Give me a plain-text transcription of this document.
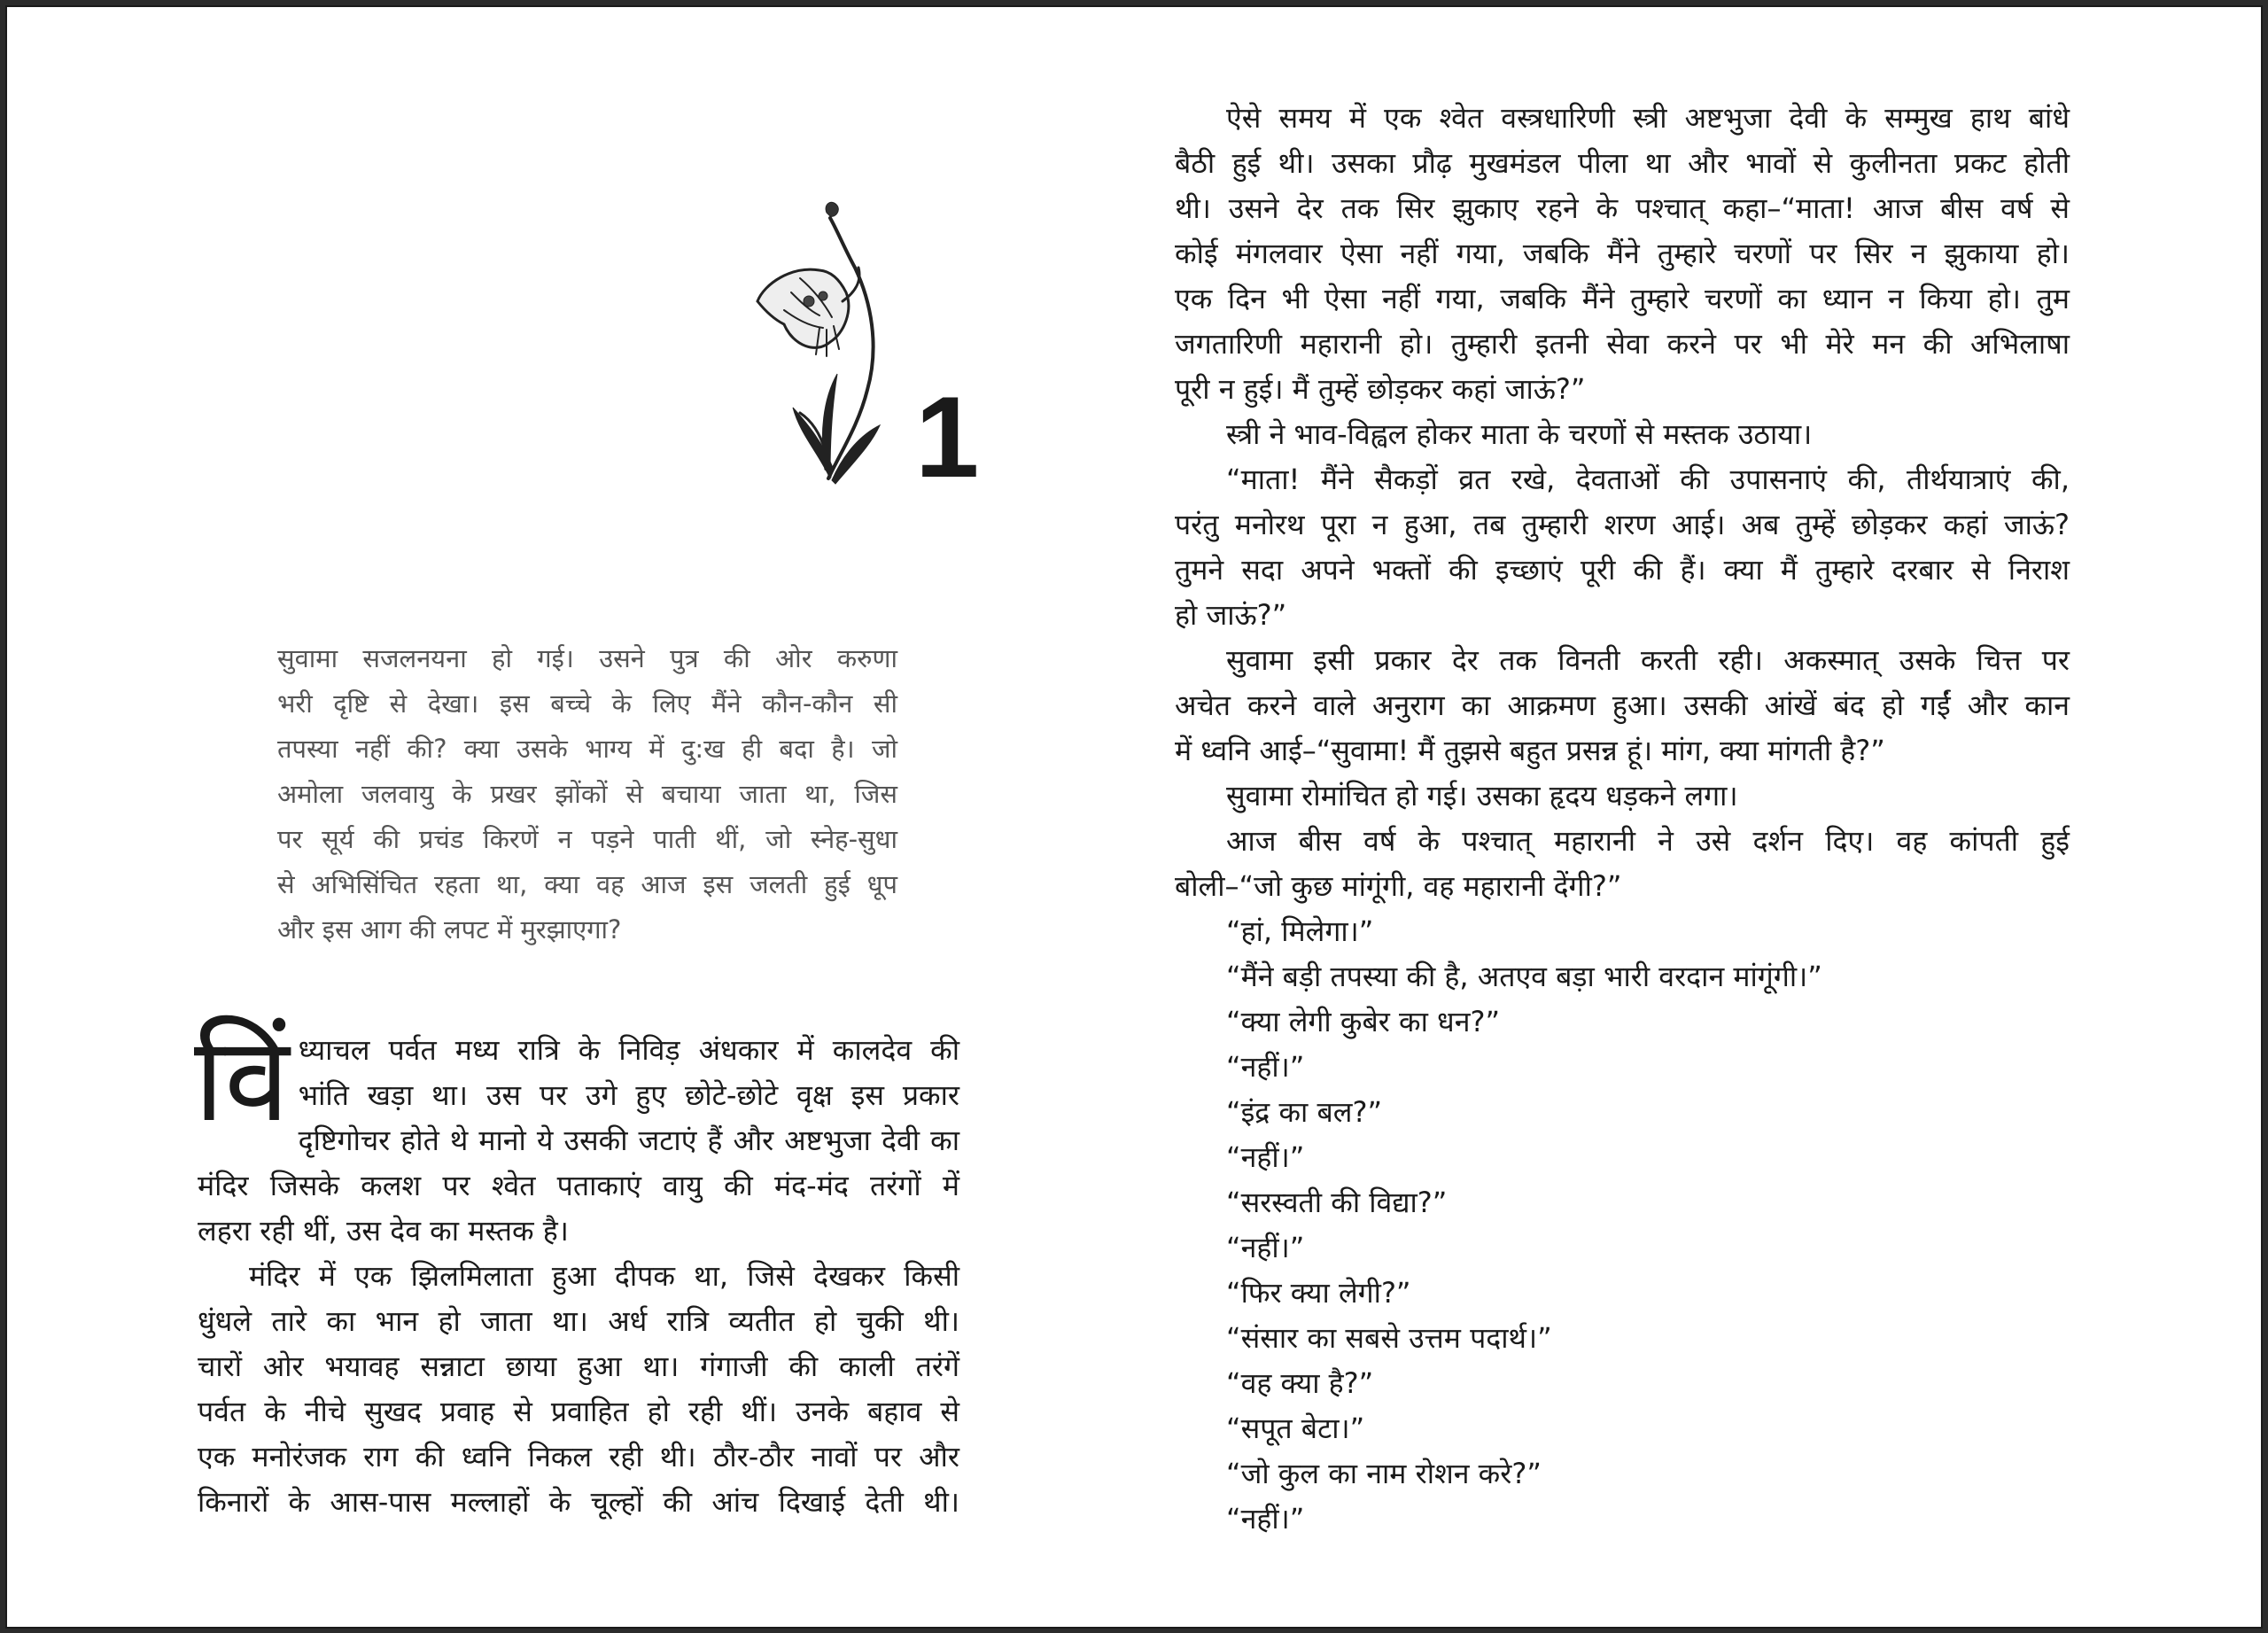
1
सुवामा सजलनयना हो गई। उसने पुत्र की ओर करुणा
भरी दृष्टि से देखा। इस बच्चे के लिए मैंने कौन-कौन सी
तपस्या नहीं की? क्या उसके भाग्य में दु:ख ही बदा है। जो
अमोला जलवायु के प्रखर झोंकों से बचाया जाता था, जिस
पर सूर्य की प्रचंड किरणें न पड़ने पाती थीं, जो स्नेह-सुधा
से अभिसिंचित रहता था, क्या वह आज इस जलती हुई धूप
और इस आग की लपट में मुरझाएगा?
विं ध्याचल पर्वत मध्य रात्रि के निविड़ अंधकार में कालदेव की
भांति खड़ा था। उस पर उगे हुए छोटे-छोटे वृक्ष इस प्रकार
दृष्टिगोचर होते थे मानो ये उसकी जटाएं हैं और अष्टभुजा देवी का
मंदिर जिसके कलश पर श्वेत पताकाएं वायु की मंद-मंद तरंगों में
लहरा रही थीं, उस देव का मस्तक है।
मंदिर में एक झिलमिलाता हुआ दीपक था, जिसे देखकर किसी
धुंधले तारे का भान हो जाता था। अर्ध रात्रि व्यतीत हो चुकी थी।
चारों ओर भयावह सन्नाटा छाया हुआ था। गंगाजी की काली तरंगें
पर्वत के नीचे सुखद प्रवाह से प्रवाहित हो रही थीं। उनके बहाव से
एक मनोरंजक राग की ध्वनि निकल रही थी। ठौर-ठौर नावों पर और
किनारों के आस-पास मल्लाहों के चूल्हों की आंच दिखाई देती थी।
ऐसे समय में एक श्वेत वस्त्रधारिणी स्त्री अष्टभुजा देवी के सम्मुख हाथ बांधे
बैठी हुई थी। उसका प्रौढ़ मुखमंडल पीला था और भावों से कुलीनता प्रकट होती
थी। उसने देर तक सिर झुकाए रहने के पश्चात् कहा–“माता! आज बीस वर्ष से
कोई मंगलवार ऐसा नहीं गया, जबकि मैंने तुम्हारे चरणों पर सिर न झुकाया हो।
एक दिन भी ऐसा नहीं गया, जबकि मैंने तुम्हारे चरणों का ध्यान न किया हो। तुम
जगतारिणी महारानी हो। तुम्हारी इतनी सेवा करने पर भी मेरे मन की अभिलाषा
पूरी न हुई। मैं तुम्हें छोड़कर कहां जाऊं?”
स्त्री ने भाव-विह्वल होकर माता के चरणों से मस्तक उठाया।
“माता! मैंने सैकड़ों व्रत रखे, देवताओं की उपासनाएं की, तीर्थयात्राएं की,
परंतु मनोरथ पूरा न हुआ, तब तुम्हारी शरण आई। अब तुम्हें छोड़कर कहां जाऊं?
तुमने सदा अपने भक्तों की इच्छाएं पूरी की हैं। क्या मैं तुम्हारे दरबार से निराश
हो जाऊं?”
सुवामा इसी प्रकार देर तक विनती करती रही। अकस्मात् उसके चित्त पर
अचेत करने वाले अनुराग का आक्रमण हुआ। उसकी आंखें बंद हो गईं और कान
में ध्वनि आई–“सुवामा! मैं तुझसे बहुत प्रसन्न हूं। मांग, क्या मांगती है?”
सुवामा रोमांचित हो गई। उसका हृदय धड़कने लगा।
आज बीस वर्ष के पश्चात् महारानी ने उसे दर्शन दिए। वह कांपती हुई
बोली–“जो कुछ मांगूंगी, वह महारानी देंगी?”
“हां, मिलेगा।”
“मैंने बड़ी तपस्या की है, अतएव बड़ा भारी वरदान मांगूंगी।”
“क्या लेगी कुबेर का धन?”
“नहीं।”
“इंद्र का बल?”
“नहीं।”
“सरस्वती की विद्या?”
“नहीं।”
“फिर क्या लेगी?”
“संसार का सबसे उत्तम पदार्थ।”
“वह क्या है?”
“सपूत बेटा।”
“जो कुल का नाम रोशन करे?”
“नहीं।”
